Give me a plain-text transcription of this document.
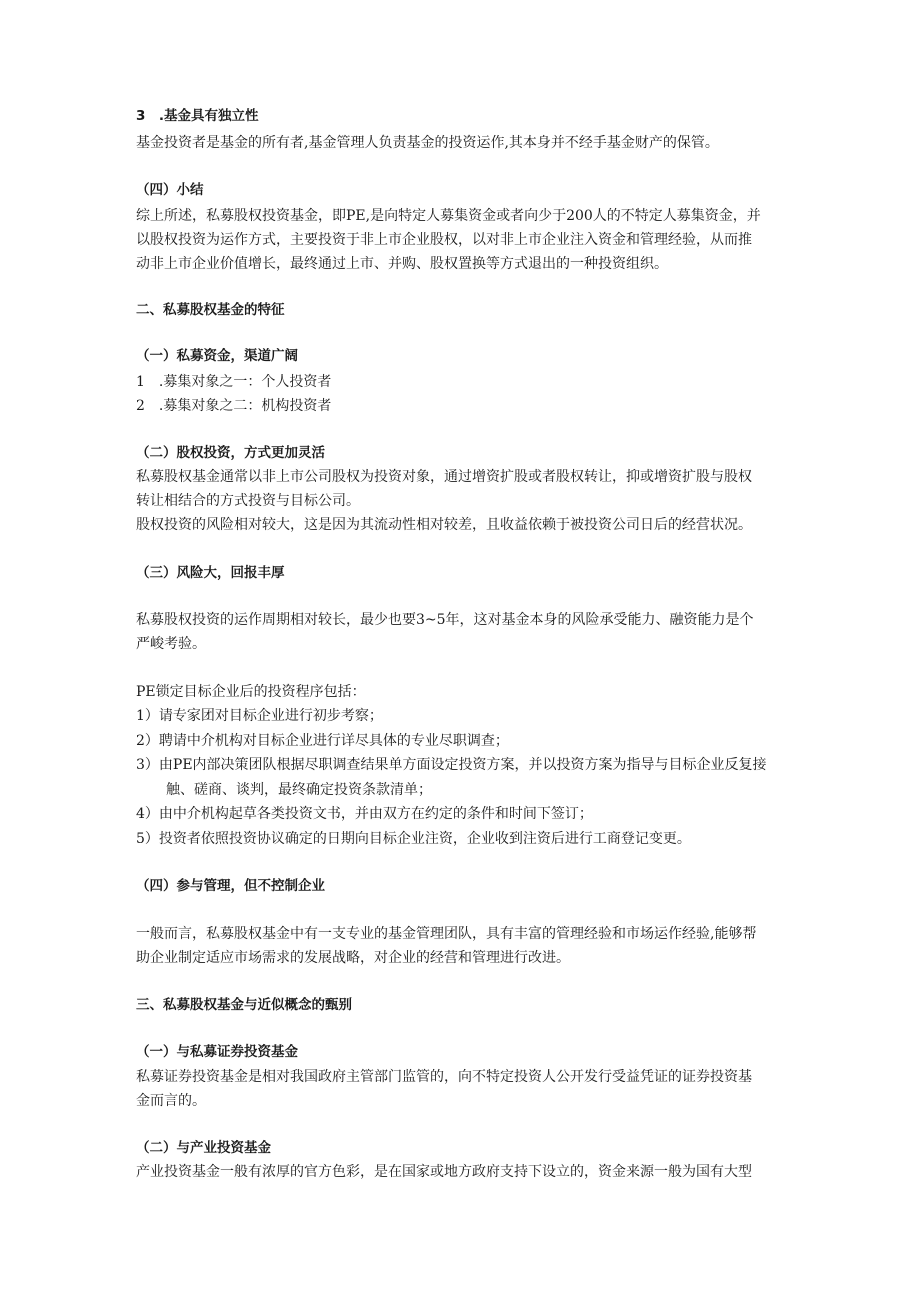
3　.基金具有独立性

基金投资者是基金的所有者,基金管理人负责基金的投资运作,其本身并不经手基金财产的保管。

（四）小结

综上所述，私募股权投资基金，即PE,是向特定人募集资金或者向少于200人的不特定人募集资金，并

以股权投资为运作方式，主要投资于非上市企业股权，以对非上市企业注入资金和管理经验，从而推

动非上市企业价值增长，最终通过上市、并购、股权置换等方式退出的一种投资组织。

二、私募股权基金的特征

（一）私募资金，渠道广阔

1　.募集对象之一：个人投资者

2　.募集对象之二：机构投资者

（二）股权投资，方式更加灵活

私募股权基金通常以非上市公司股权为投资对象，通过增资扩股或者股权转让，抑或增资扩股与股权

转让相结合的方式投资与目标公司。

股权投资的风险相对较大，这是因为其流动性相对较差，且收益依赖于被投资公司日后的经营状况。

（三）风险大，回报丰厚

私募股权投资的运作周期相对较长，最少也要3~5年，这对基金本身的风险承受能力、融资能力是个

严峻考验。

PE锁定目标企业后的投资程序包括：

1）请专家团对目标企业进行初步考察；

2）聘请中介机构对目标企业进行详尽具体的专业尽职调查；

3）由PE内部决策团队根据尽职调查结果单方面设定投资方案，并以投资方案为指导与目标企业反复接

触、磋商、谈判，最终确定投资条款清单；

4）由中介机构起草各类投资文书，并由双方在约定的条件和时间下签订；

5）投资者依照投资协议确定的日期向目标企业注资，企业收到注资后进行工商登记变更。

（四）参与管理，但不控制企业

一般而言，私募股权基金中有一支专业的基金管理团队，具有丰富的管理经验和市场运作经验,能够帮

助企业制定适应市场需求的发展战略，对企业的经营和管理进行改进。

三、私募股权基金与近似概念的甄别

（一）与私募证券投资基金

私募证券投资基金是相对我国政府主管部门监管的，向不特定投资人公开发行受益凭证的证券投资基

金而言的。

（二）与产业投资基金

产业投资基金一般有浓厚的官方色彩，是在国家或地方政府支持下设立的，资金来源一般为国有大型
